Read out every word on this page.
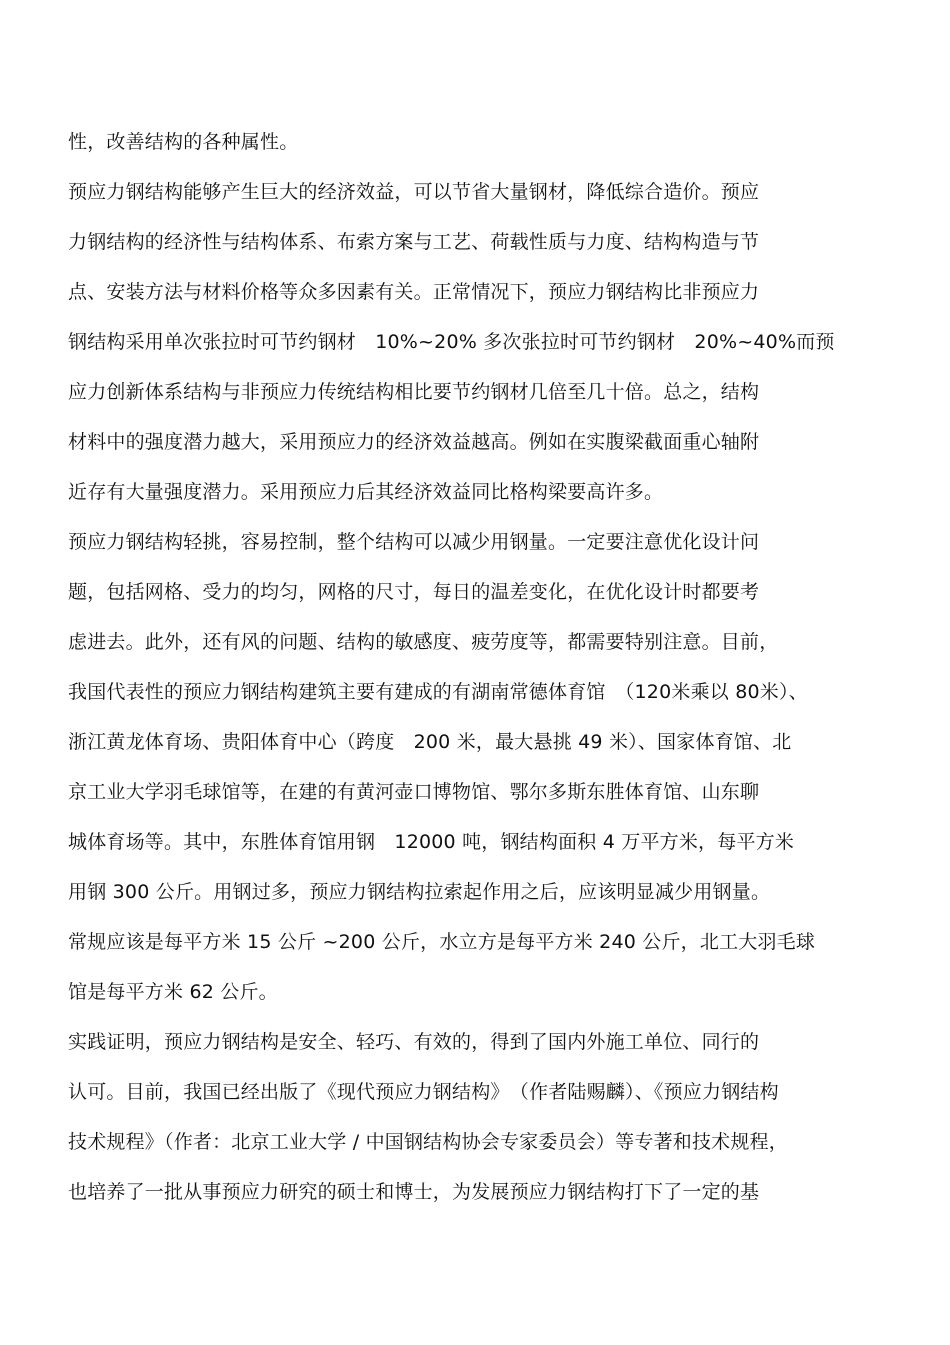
性，改善结构的各种属性。
预应力钢结构能够产生巨大的经济效益，可以节省大量钢材，降低综合造价。预应
力钢结构的经济性与结构体系、布索方案与工艺、荷载性质与力度、结构构造与节
点、安装方法与材料价格等众多因素有关。正常情况下，预应力钢结构比非预应力
钢结构采用单次张拉时可节约钢材　10%~20% 多次张拉时可节约钢材　20%~40%而预
应力创新体系结构与非预应力传统结构相比要节约钢材几倍至几十倍。总之，结构
材料中的强度潜力越大，采用预应力的经济效益越高。例如在实腹梁截面重心轴附
近存有大量强度潜力。采用预应力后其经济效益同比格构梁要高许多。
预应力钢结构轻挑，容易控制，整个结构可以减少用钢量。一定要注意优化设计问
题，包括网格、受力的均匀，网格的尺寸，每日的温差变化，在优化设计时都要考
虑进去。此外，还有风的问题、结构的敏感度、疲劳度等，都需要特别注意。目前，
我国代表性的预应力钢结构建筑主要有建成的有湖南常德体育馆　（120米乘以 80米）、
浙江黄龙体育场、贵阳体育中心（跨度　200 米，最大悬挑 49 米）、国家体育馆、北
京工业大学羽毛球馆等，在建的有黄河壶口博物馆、鄂尔多斯东胜体育馆、山东聊
城体育场等。其中，东胜体育馆用钢　12000 吨，钢结构面积 4 万平方米，每平方米
用钢 300 公斤。用钢过多，预应力钢结构拉索起作用之后，应该明显减少用钢量。
常规应该是每平方米 15 公斤 ~200 公斤，水立方是每平方米 240 公斤，北工大羽毛球
馆是每平方米 62 公斤。
实践证明，预应力钢结构是安全、轻巧、有效的，得到了国内外施工单位、同行的
认可。目前，我国已经出版了《现代预应力钢结构》　（作者陆赐麟）、《预应力钢结构
技术规程》（作者：北京工业大学 / 中国钢结构协会专家委员会）等专著和技术规程，
也培养了一批从事预应力研究的硕士和博士，为发展预应力钢结构打下了一定的基
